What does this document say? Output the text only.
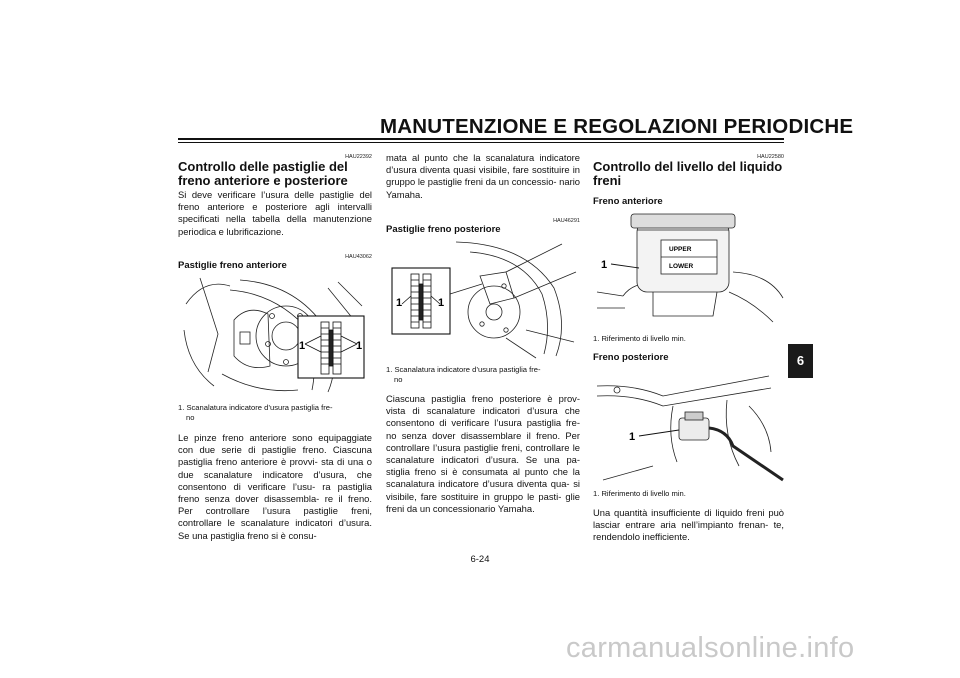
MANUTENZIONE E REGOLAZIONI PERIODICHE
HAU22392
Controllo delle pastiglie del freno anteriore e posteriore
Si deve verificare l’usura delle pastiglie del freno anteriore e posteriore agli intervalli specificati nella tabella della manutenzione periodica e lubrificazione.
HAU43062
Pastiglie freno anteriore
1	1
1. Scanalatura indicatore d’usura pastiglia fre-
no
Le pinze freno anteriore sono equipaggiate con due serie di pastiglie freno. Ciascuna pastiglia freno anteriore è provvi- sta di una o due scanalature indicatore d’usura, che consentono di verificare l’usu- ra pastiglia freno senza dover disassembla- re il freno. Per controllare l’usura pastiglie freni, controllare le scanalature indicatori d’usura. Se una pastiglia freno si è consu-
mata al punto che la scanalatura indicatore d’usura diventa quasi visibile, fare sostituire in gruppo le pastiglie freni da un concessio- nario Yamaha.
HAU46291
Pastiglie freno posteriore
1	1
1. Scanalatura indicatore d’usura pastiglia fre-
no
Ciascuna pastiglia freno posteriore è prov- vista di scanalature indicatori d’usura che consentono di verificare l’usura pastiglia fre- no senza dover disassemblare il freno. Per controllare l’usura pastiglie freni, controllare le scanalature indicatori d’usura. Se una pa- stiglia freno si è consumata al punto che la scanalatura indicatore d’usura diventa qua- si visibile, fare sostituire in gruppo le pasti- glie freni da un concessionario Yamaha.
HAU22580
Controllo del livello del liquido freni
Freno anteriore
UPPER
LOWER
1
1. Riferimento di livello min.
Freno posteriore
1
1. Riferimento di livello min.
Una quantità insufficiente di liquido freni può lasciar entrare aria nell’impianto frenan- te, rendendolo inefficiente.
6
6-24
carmanualsonline.info
